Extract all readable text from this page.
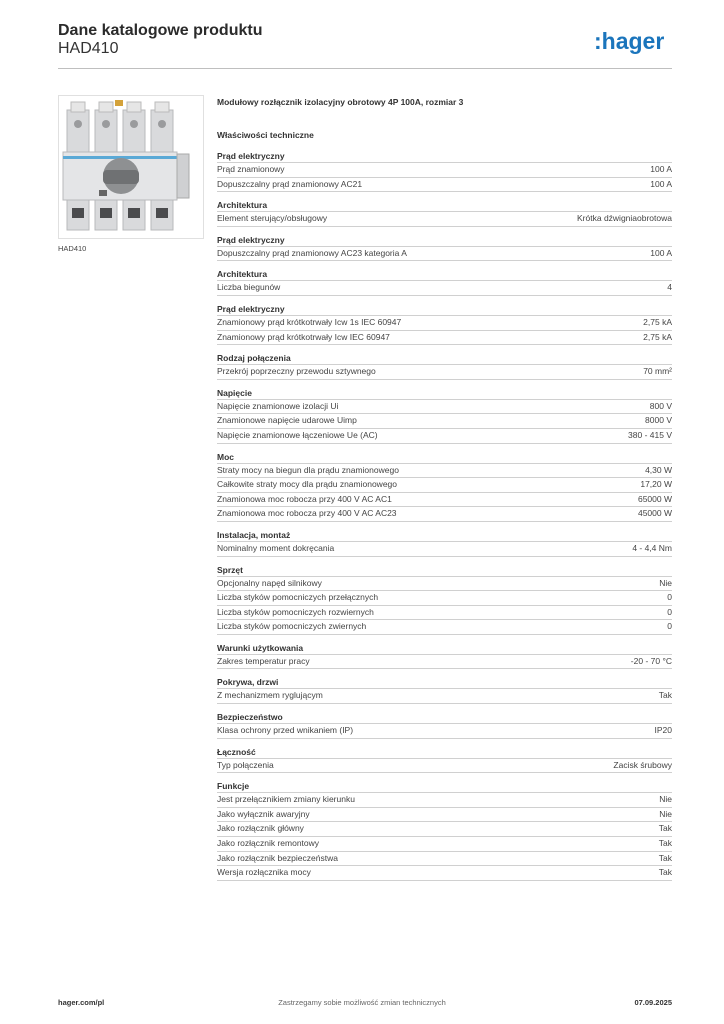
Dane katalogowe produktu
HAD410	:hager
HAD410
Modułowy rozłącznik izolacyjny obrotowy 4P 100A, rozmiar 3
Właściwości techniczne
Prąd elektryczny
Prąd znamionowy	100 A
Dopuszczalny prąd znamionowy AC21	100 A
Architektura
Element sterujący/obsługowy	Krótka dźwigniaobrotowa
Prąd elektryczny
Dopuszczalny prąd znamionowy AC23 kategoria A	100 A
Architektura
Liczba biegunów	4
Prąd elektryczny
Znamionowy prąd krótkotrwały Icw 1s IEC 60947	2,75 kA
Znamionowy prąd krótkotrwały Icw IEC 60947	2,75 kA
Rodzaj połączenia
Przekrój poprzeczny przewodu sztywnego	70 mm²
Napięcie
Napięcie znamionowe izolacji Ui	800 V
Znamionowe napięcie udarowe Uimp	8000 V
Napięcie znamionowe łączeniowe Ue (AC)	380 - 415 V
Moc
Straty mocy na biegun dla prądu znamionowego	4,30 W
Całkowite straty mocy dla prądu znamionowego	17,20 W
Znamionowa moc robocza przy 400 V AC AC1	65000 W
Znamionowa moc robocza przy 400 V AC AC23	45000 W
Instalacja, montaż
Nominalny moment dokręcania	4 - 4,4 Nm
Sprzęt
Opcjonalny napęd silnikowy	Nie
Liczba styków pomocniczych przełącznych	0
Liczba styków pomocniczych rozwiernych	0
Liczba styków pomocniczych zwiernych	0
Warunki użytkowania
Zakres temperatur pracy	-20 - 70 °C
Pokrywa, drzwi
Z mechanizmem ryglującym	Tak
Bezpieczeństwo
Klasa ochrony przed wnikaniem (IP)	IP20
Łączność
Typ połączenia	Zacisk śrubowy
Funkcje
Jest przełącznikiem zmiany kierunku	Nie
Jako wyłącznik awaryjny	Nie
Jako rozłącznik główny	Tak
Jako rozłącznik remontowy	Tak
Jako rozłącznik bezpieczeństwa	Tak
Wersja rozłącznika mocy	Tak
hager.com/pl	Zastrzegamy sobie możliwość zmian technicznych	07.09.2025
